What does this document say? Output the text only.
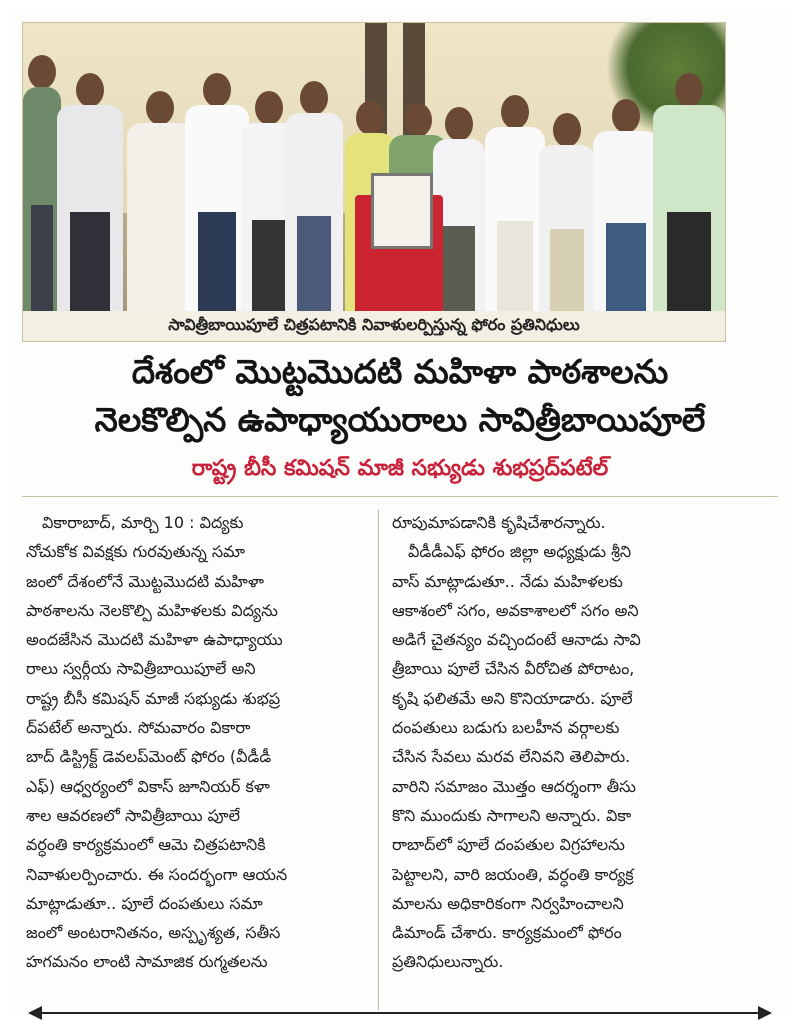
సావిత్రీబాయిపూలే చిత్రపటానికి నివాళులర్పిస్తున్న ఫోరం ప్రతినిధులు
దేశంలో మొట్టమొదటి మహిళా పాఠశాలను
నెలకొల్పిన ఉపాధ్యాయురాలు సావిత్రీబాయిపూలే
రాష్ట్ర బీసీ కమిషన్ మాజీ సభ్యుడు శుభప్రద్‌పటేల్
వికారాబాద్, మార్చి 10 : విద్యకు
నోచుకోక వివక్షకు గురవుతున్న సమా
జంలో దేశంలోనే మొట్టమొదటి మహిళా
పాఠశాలను నెలకొల్పి మహిళలకు విద్యను
అందజేసిన మొదటి మహిళా ఉపాధ్యాయు
రాలు స్వర్గీయ సావిత్రీబాయిపూలే అని
రాష్ట్ర బీసీ కమిషన్ మాజీ సభ్యుడు శుభప్ర
ద్‌పటేల్ అన్నారు. సోమవారం వికారా
బాద్ డిస్ట్రిక్ట్ డెవలప్‌మెంట్ ఫోరం (వీడీడీ
ఎఫ్) ఆధ్వర్యంలో వికాస్ జూనియర్ కళా
శాల ఆవరణలో సావిత్రీబాయి పూలే
వర్ధంతి కార్యక్రమంలో ఆమె చిత్రపటానికి
నివాళులర్పించారు. ఈ సందర్భంగా ఆయన
మాట్లాడుతూ.. పూలే దంపతులు సమా
జంలో అంటరానితనం, అస్పృశ్యత, సతీస
హగమనం లాంటి సామాజిక రుగ్మతలను
రూపుమాపడానికి కృషిచేశారన్నారు.
వీడీడీఎఫ్ ఫోరం జిల్లా అధ్యక్షుడు శ్రీని
వాస్ మాట్లాడుతూ.. నేడు మహిళలకు
ఆకాశంలో సగం, అవకాశాలలో సగం అని
అడిగే చైతన్యం వచ్చిందంటే ఆనాడు సావి
త్రీబాయి పూలే చేసిన వీరోచిత పోరాటం,
కృషి ఫలితమే అని కొనియాడారు. పూలే
దంపతులు బడుగు బలహీన వర్గాలకు
చేసిన సేవలు మరవ లేనివని తెలిపారు.
వారిని సమాజం మొత్తం ఆదర్శంగా తీసు
కొని ముందుకు సాగాలని అన్నారు. వికా
రాబాద్‌లో పూలే దంపతుల విగ్రహాలను
పెట్టాలని, వారి జయంతి, వర్ధంతి కార్యక్ర
మాలను అధికారికంగా నిర్వహించాలని
డిమాండ్ చేశారు. కార్యక్రమంలో ఫోరం
ప్రతినిధులున్నారు.
